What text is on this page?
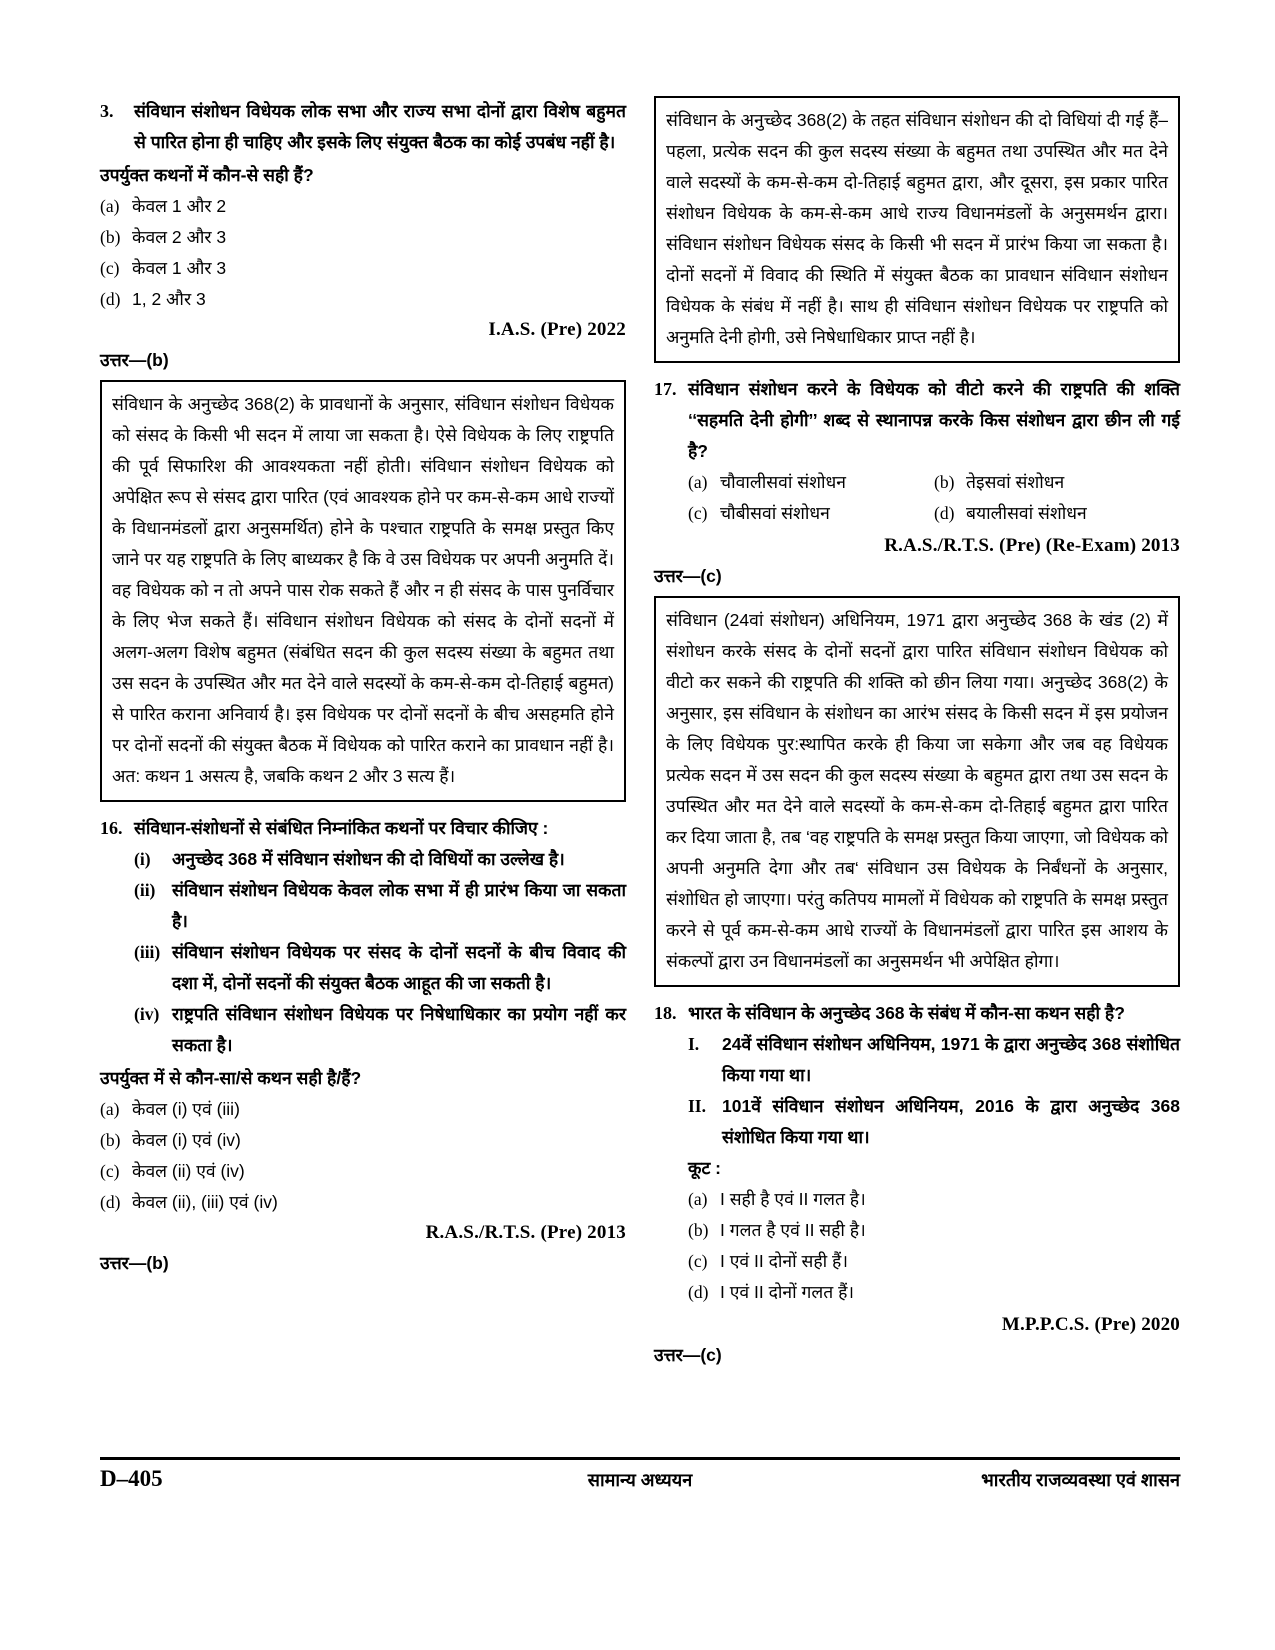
3.	संविधान संशोधन विधेयक लोक सभा और राज्य सभा दोनों द्वारा विशेष बहुमत से पारित होना ही चाहिए और इसके लिए संयुक्त बैठक का कोई उपबंध नहीं है।
उपर्युक्त कथनों में कौन-से सही हैं?
(a) केवल 1 और 2
(b) केवल 2 और 3
(c) केवल 1 और 3
(d) 1, 2 और 3
I.A.S. (Pre) 2022
उत्तर—(b)

संविधान के अनुच्छेद 368(2) के प्रावधानों के अनुसार, संविधान संशोधन विधेयक को संसद के किसी भी सदन में लाया जा सकता है। ऐसे विधेयक के लिए राष्ट्रपति की पूर्व सिफारिश की आवश्यकता नहीं होती। संविधान संशोधन विधेयक को अपेक्षित रूप से संसद द्वारा पारित (एवं आवश्यक होने पर कम-से-कम आधे राज्यों के विधानमंडलों द्वारा अनुसमर्थित) होने के पश्चात राष्ट्रपति के समक्ष प्रस्तुत किए जाने पर यह राष्ट्रपति के लिए बाध्यकर है कि वे उस विधेयक पर अपनी अनुमति दें। वह विधेयक को न तो अपने पास रोक सकते हैं और न ही संसद के पास पुनर्विचार के लिए भेज सकते हैं। संविधान संशोधन विधेयक को संसद के दोनों सदनों में अलग-अलग विशेष बहुमत (संबंधित सदन की कुल सदस्य संख्या के बहुमत तथा उस सदन के उपस्थित और मत देने वाले सदस्यों के कम-से-कम दो-तिहाई बहुमत) से पारित कराना अनिवार्य है। इस विधेयक पर दोनों सदनों के बीच असहमति होने पर दोनों सदनों की संयुक्त बैठक में विधेयक को पारित कराने का प्रावधान नहीं है। अत: कथन 1 असत्य है, जबकि कथन 2 और 3 सत्य हैं।

16. संविधान-संशोधनों से संबंधित निम्नांकित कथनों पर विचार कीजिए :
(i)	अनुच्छेद 368 में संविधान संशोधन की दो विधियों का उल्लेख है।
(ii) संविधान संशोधन विधेयक केवल लोक सभा में ही प्रारंभ किया जा सकता है।
(iii) संविधान संशोधन विधेयक पर संसद के दोनों सदनों के बीच विवाद की दशा में, दोनों सदनों की संयुक्त बैठक आहूत की जा सकती है।
(iv) राष्ट्रपति संविधान संशोधन विधेयक पर निषेधाधिकार का प्रयोग नहीं कर सकता है।
उपर्युक्त में से कौन-सा/से कथन सही है/हैं?
(a) केवल (i) एवं (iii)
(b) केवल (i) एवं (iv)
(c) केवल (ii) एवं (iv)
(d) केवल (ii), (iii) एवं (iv)
R.A.S./R.T.S. (Pre) 2013
उत्तर—(b)

संविधान के अनुच्छेद 368(2) के तहत संविधान संशोधन की दो विधियां दी गई हैं–पहला, प्रत्येक सदन की कुल सदस्य संख्या के बहुमत तथा उपस्थित और मत देने वाले सदस्यों के कम-से-कम दो-तिहाई बहुमत द्वारा, और दूसरा, इस प्रकार पारित संशोधन विधेयक के कम-से-कम आधे राज्य विधानमंडलों के अनुसमर्थन द्वारा। संविधान संशोधन विधेयक संसद के किसी भी सदन में प्रारंभ किया जा सकता है। दोनों सदनों में विवाद की स्थिति में संयुक्त बैठक का प्रावधान संविधान संशोधन विधेयक के संबंध में नहीं है। साथ ही संविधान संशोधन विधेयक पर राष्ट्रपति को अनुमति देनी होगी, उसे निषेधाधिकार प्राप्त नहीं है।

17. संविधान संशोधन करने के विधेयक को वीटो करने की राष्ट्रपति की शक्ति ‘‘सहमति देनी होगी’’ शब्द से स्थानापन्न करके किस संशोधन द्वारा छीन ली गई है?
(a) चौवालीसवां संशोधन	(b) तेइसवां संशोधन
(c) चौबीसवां संशोधन	(d) बयालीसवां संशोधन
R.A.S./R.T.S. (Pre) (Re-Exam) 2013
उत्तर—(c)

संविधान (24वां संशोधन) अधिनियम, 1971 द्वारा अनुच्छेद 368 के खंड (2) में संशोधन करके संसद के दोनों सदनों द्वारा पारित संविधान संशोधन विधेयक को वीटो कर सकने की राष्ट्रपति की शक्ति को छीन लिया गया। अनुच्छेद 368(2) के अनुसार, इस संविधान के संशोधन का आरंभ संसद के किसी सदन में इस प्रयोजन के लिए विधेयक पुर:स्थापित करके ही किया जा सकेगा और जब वह विधेयक प्रत्येक सदन में उस सदन की कुल सदस्य संख्या के बहुमत द्वारा तथा उस सदन के उपस्थित और मत देने वाले सदस्यों के कम-से-कम दो-तिहाई बहुमत द्वारा पारित कर दिया जाता है, तब ‘वह राष्ट्रपति के समक्ष प्रस्तुत किया जाएगा, जो विधेयक को अपनी अनुमति देगा और तब‘ संविधान उस विधेयक के निर्बंधनों के अनुसार, संशोधित हो जाएगा। परंतु कतिपय मामलों में विधेयक को राष्ट्रपति के समक्ष प्रस्तुत करने से पूर्व कम-से-कम आधे राज्यों के विधानमंडलों द्वारा पारित इस आशय के संकल्पों द्वारा उन विधानमंडलों का अनुसमर्थन भी अपेक्षित होगा।

18. भारत के संविधान के अनुच्छेद 368 के संबंध में कौन-सा कथन सही है?
I.	24वें संविधान संशोधन अधिनियम, 1971 के द्वारा अनुच्छेद 368 संशोधित किया गया था।
II. 101वें संविधान संशोधन अधिनियम, 2016 के द्वारा अनुच्छेद 368 संशोधित किया गया था।
कूट :
(a) I सही है एवं II गलत है।
(b) I गलत है एवं II सही है।
(c) I एवं II दोनों सही हैं।
(d) I एवं II दोनों गलत हैं।
M.P.P.C.S. (Pre) 2020
उत्तर—(c)
D–405	सामान्य अध्ययन	भारतीय राजव्यवस्था एवं शासन
